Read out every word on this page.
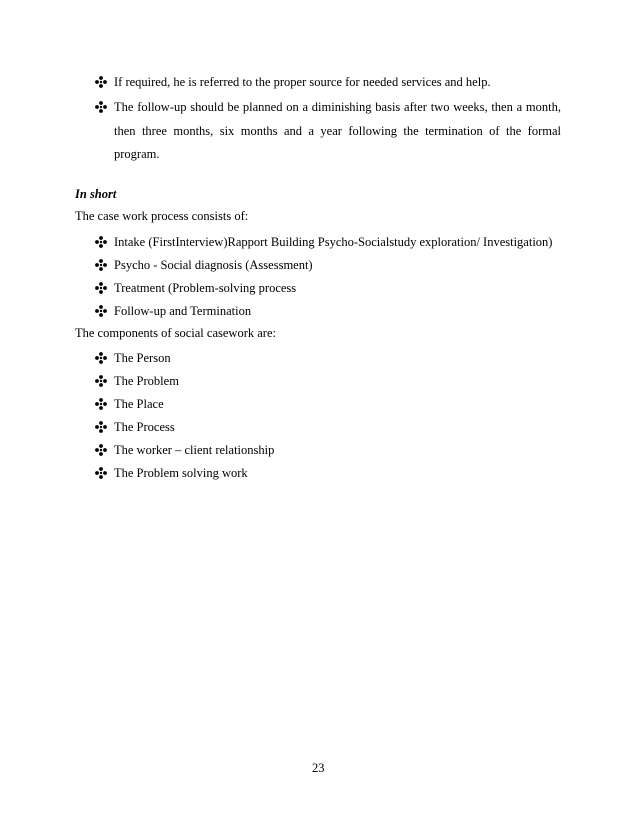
If required, he is referred to the proper source for needed services and help.
The follow-up should be planned on a diminishing basis after two weeks, then a month,
then three months, six months and a year following the termination of the formal
program.
In short
The case work process consists of:
Intake (FirstInterview)Rapport Building Psycho-Socialstudy exploration/ Investigation)
Psycho - Social diagnosis (Assessment)
Treatment (Problem-solving process
Follow-up and Termination
The components of social casework are:
The Person
The Problem
The Place
The Process
The worker – client relationship
The Problem solving work
23
